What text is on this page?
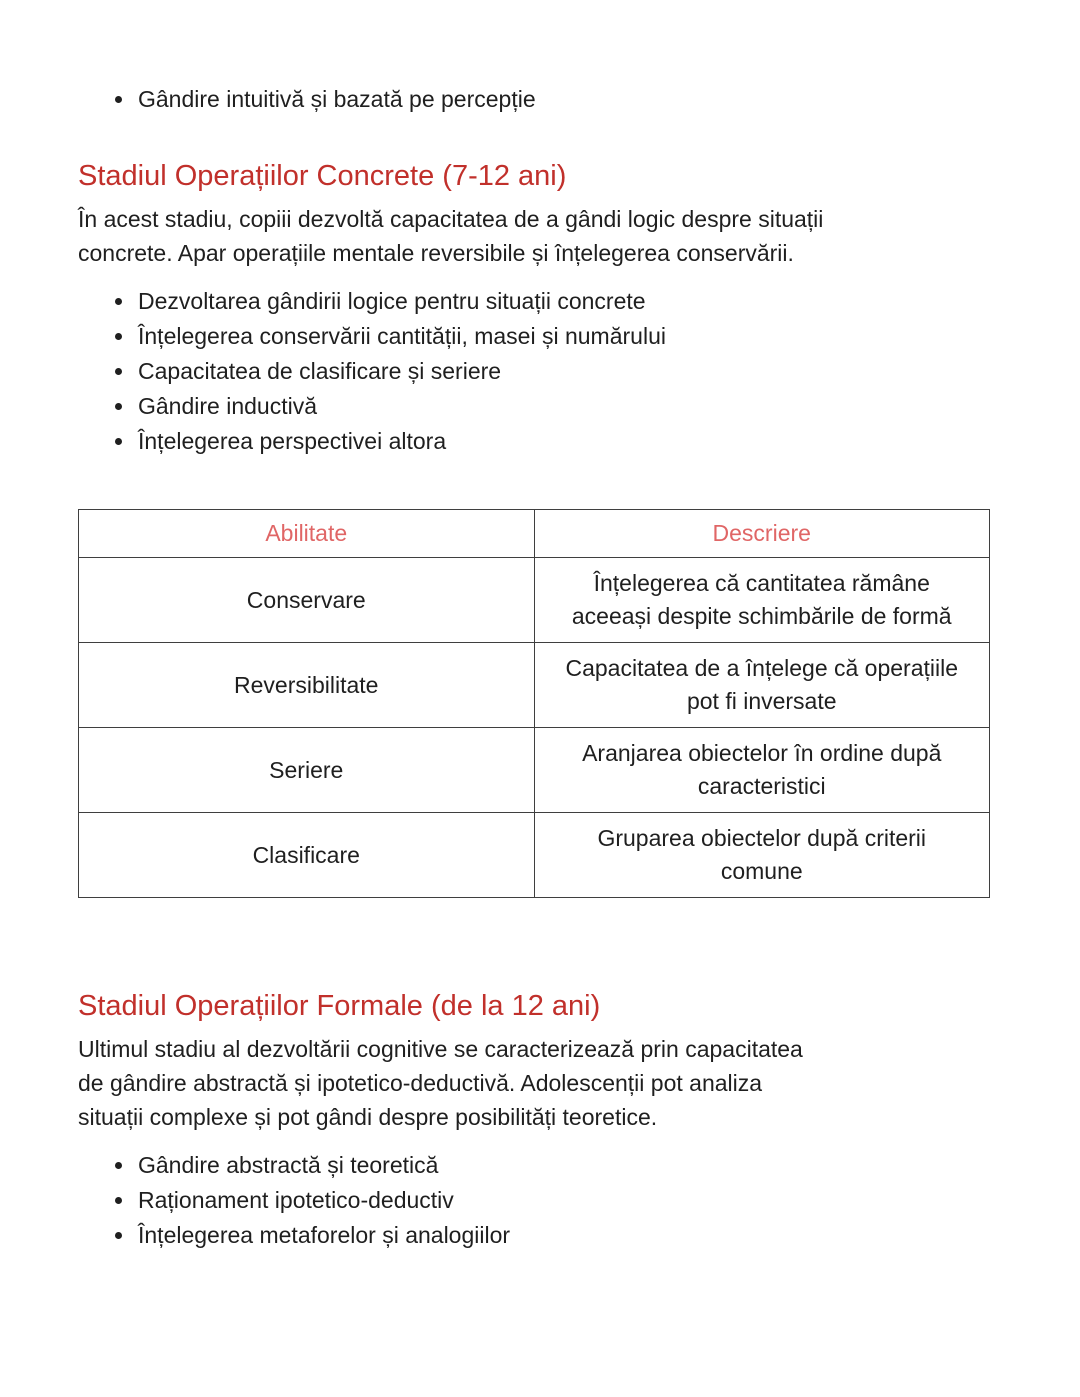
• Gândire intuitivă și bazată pe percepție
Stadiul Operațiilor Concrete (7-12 ani)

În acest stadiu, copiii dezvoltă capacitatea de a gândi logic despre situații
concrete. Apar operațiile mentale reversibile și înțelegerea conservării.

• Dezvoltarea gândirii logice pentru situații concrete
• Înțelegerea conservării cantității, masei și numărului
• Capacitatea de clasificare și seriere
• Gândire inductivă
• Înțelegerea perspectivei altora
Abilitate	Descriere
Conservare	Înțelegerea că cantitatea rămâne aceeași despite schimbările de formă
Reversibilitate	Capacitatea de a înțelege că operațiile pot fi inversate
Seriere	Aranjarea obiectelor în ordine după caracteristici
Clasificare	Gruparea obiectelor după criterii comune
Stadiul Operațiilor Formale (de la 12 ani)

Ultimul stadiu al dezvoltării cognitive se caracterizează prin capacitatea
de gândire abstractă și ipotetico-deductivă. Adolescenții pot analiza
situații complexe și pot gândi despre posibilități teoretice.

• Gândire abstractă și teoretică
• Raționament ipotetico-deductiv
• Înțelegerea metaforelor și analogiilor
